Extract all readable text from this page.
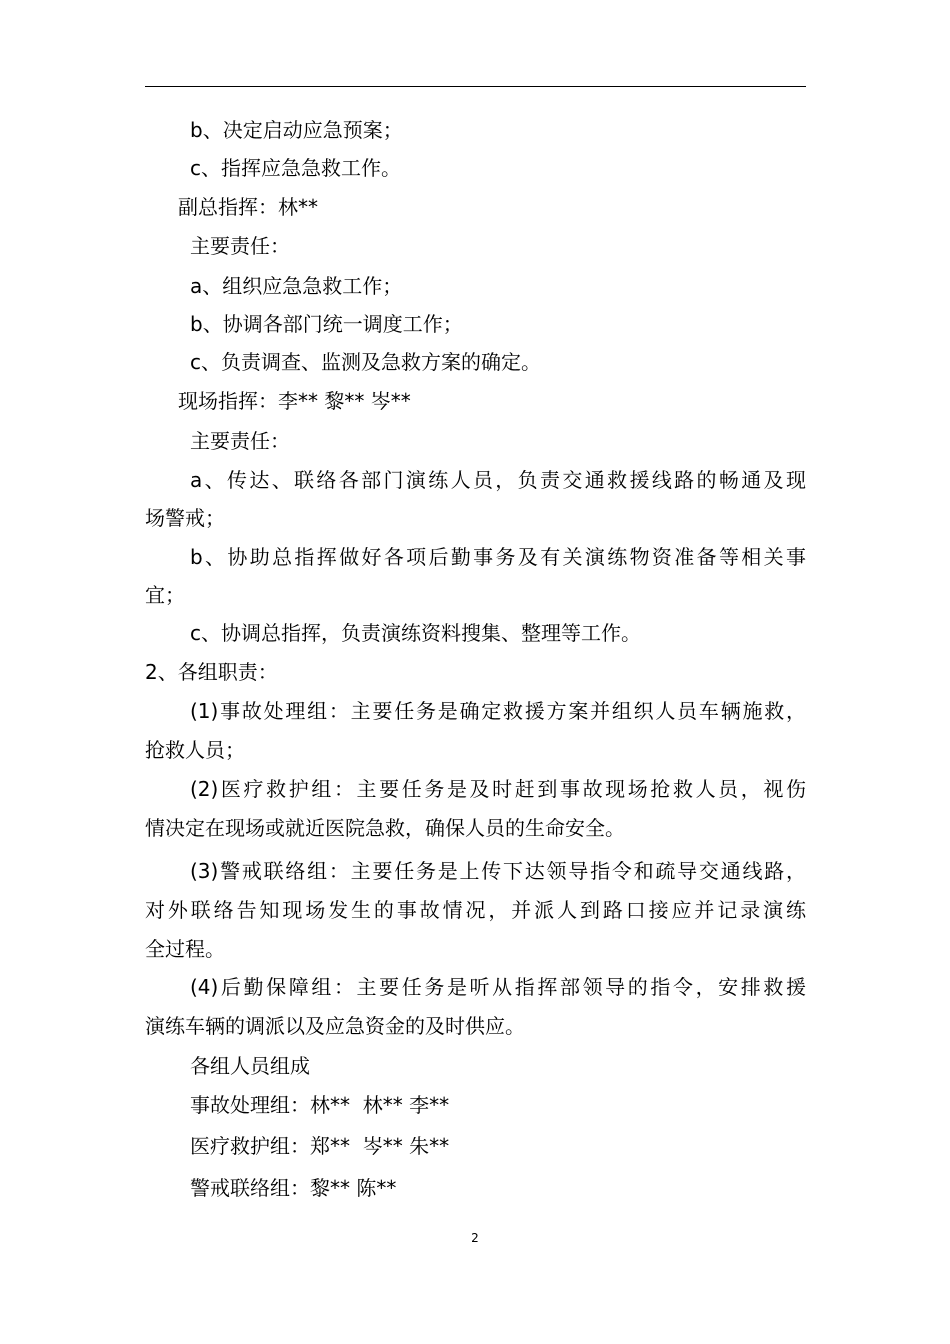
b、决定启动应急预案；
c、指挥应急急救工作。
副总指挥：林**
主要责任：
a、组织应急急救工作；
b、协调各部门统一调度工作；
c、负责调查、监测及急救方案的确定。
现场指挥：李** 黎** 岑**
主要责任：
a、传达、联络各部门演练人员，负责交通救援线路的畅通及现
场警戒；
b、协助总指挥做好各项后勤事务及有关演练物资准备等相关事
宜；
c、协调总指挥，负责演练资料搜集、整理等工作。
2、各组职责：
(1)事故处理组：主要任务是确定救援方案并组织人员车辆施救，
抢救人员；
(2)医疗救护组：主要任务是及时赶到事故现场抢救人员，视伤
情决定在现场或就近医院急救，确保人员的生命安全。
(3)警戒联络组：主要任务是上传下达领导指令和疏导交通线路，
对外联络告知现场发生的事故情况，并派人到路口接应并记录演练
全过程。
(4)后勤保障组：主要任务是听从指挥部领导的指令，安排救援
演练车辆的调派以及应急资金的及时供应。
各组人员组成
事故处理组：林**  林** 李**
医疗救护组：郑**  岑** 朱**
警戒联络组：黎** 陈**
2
